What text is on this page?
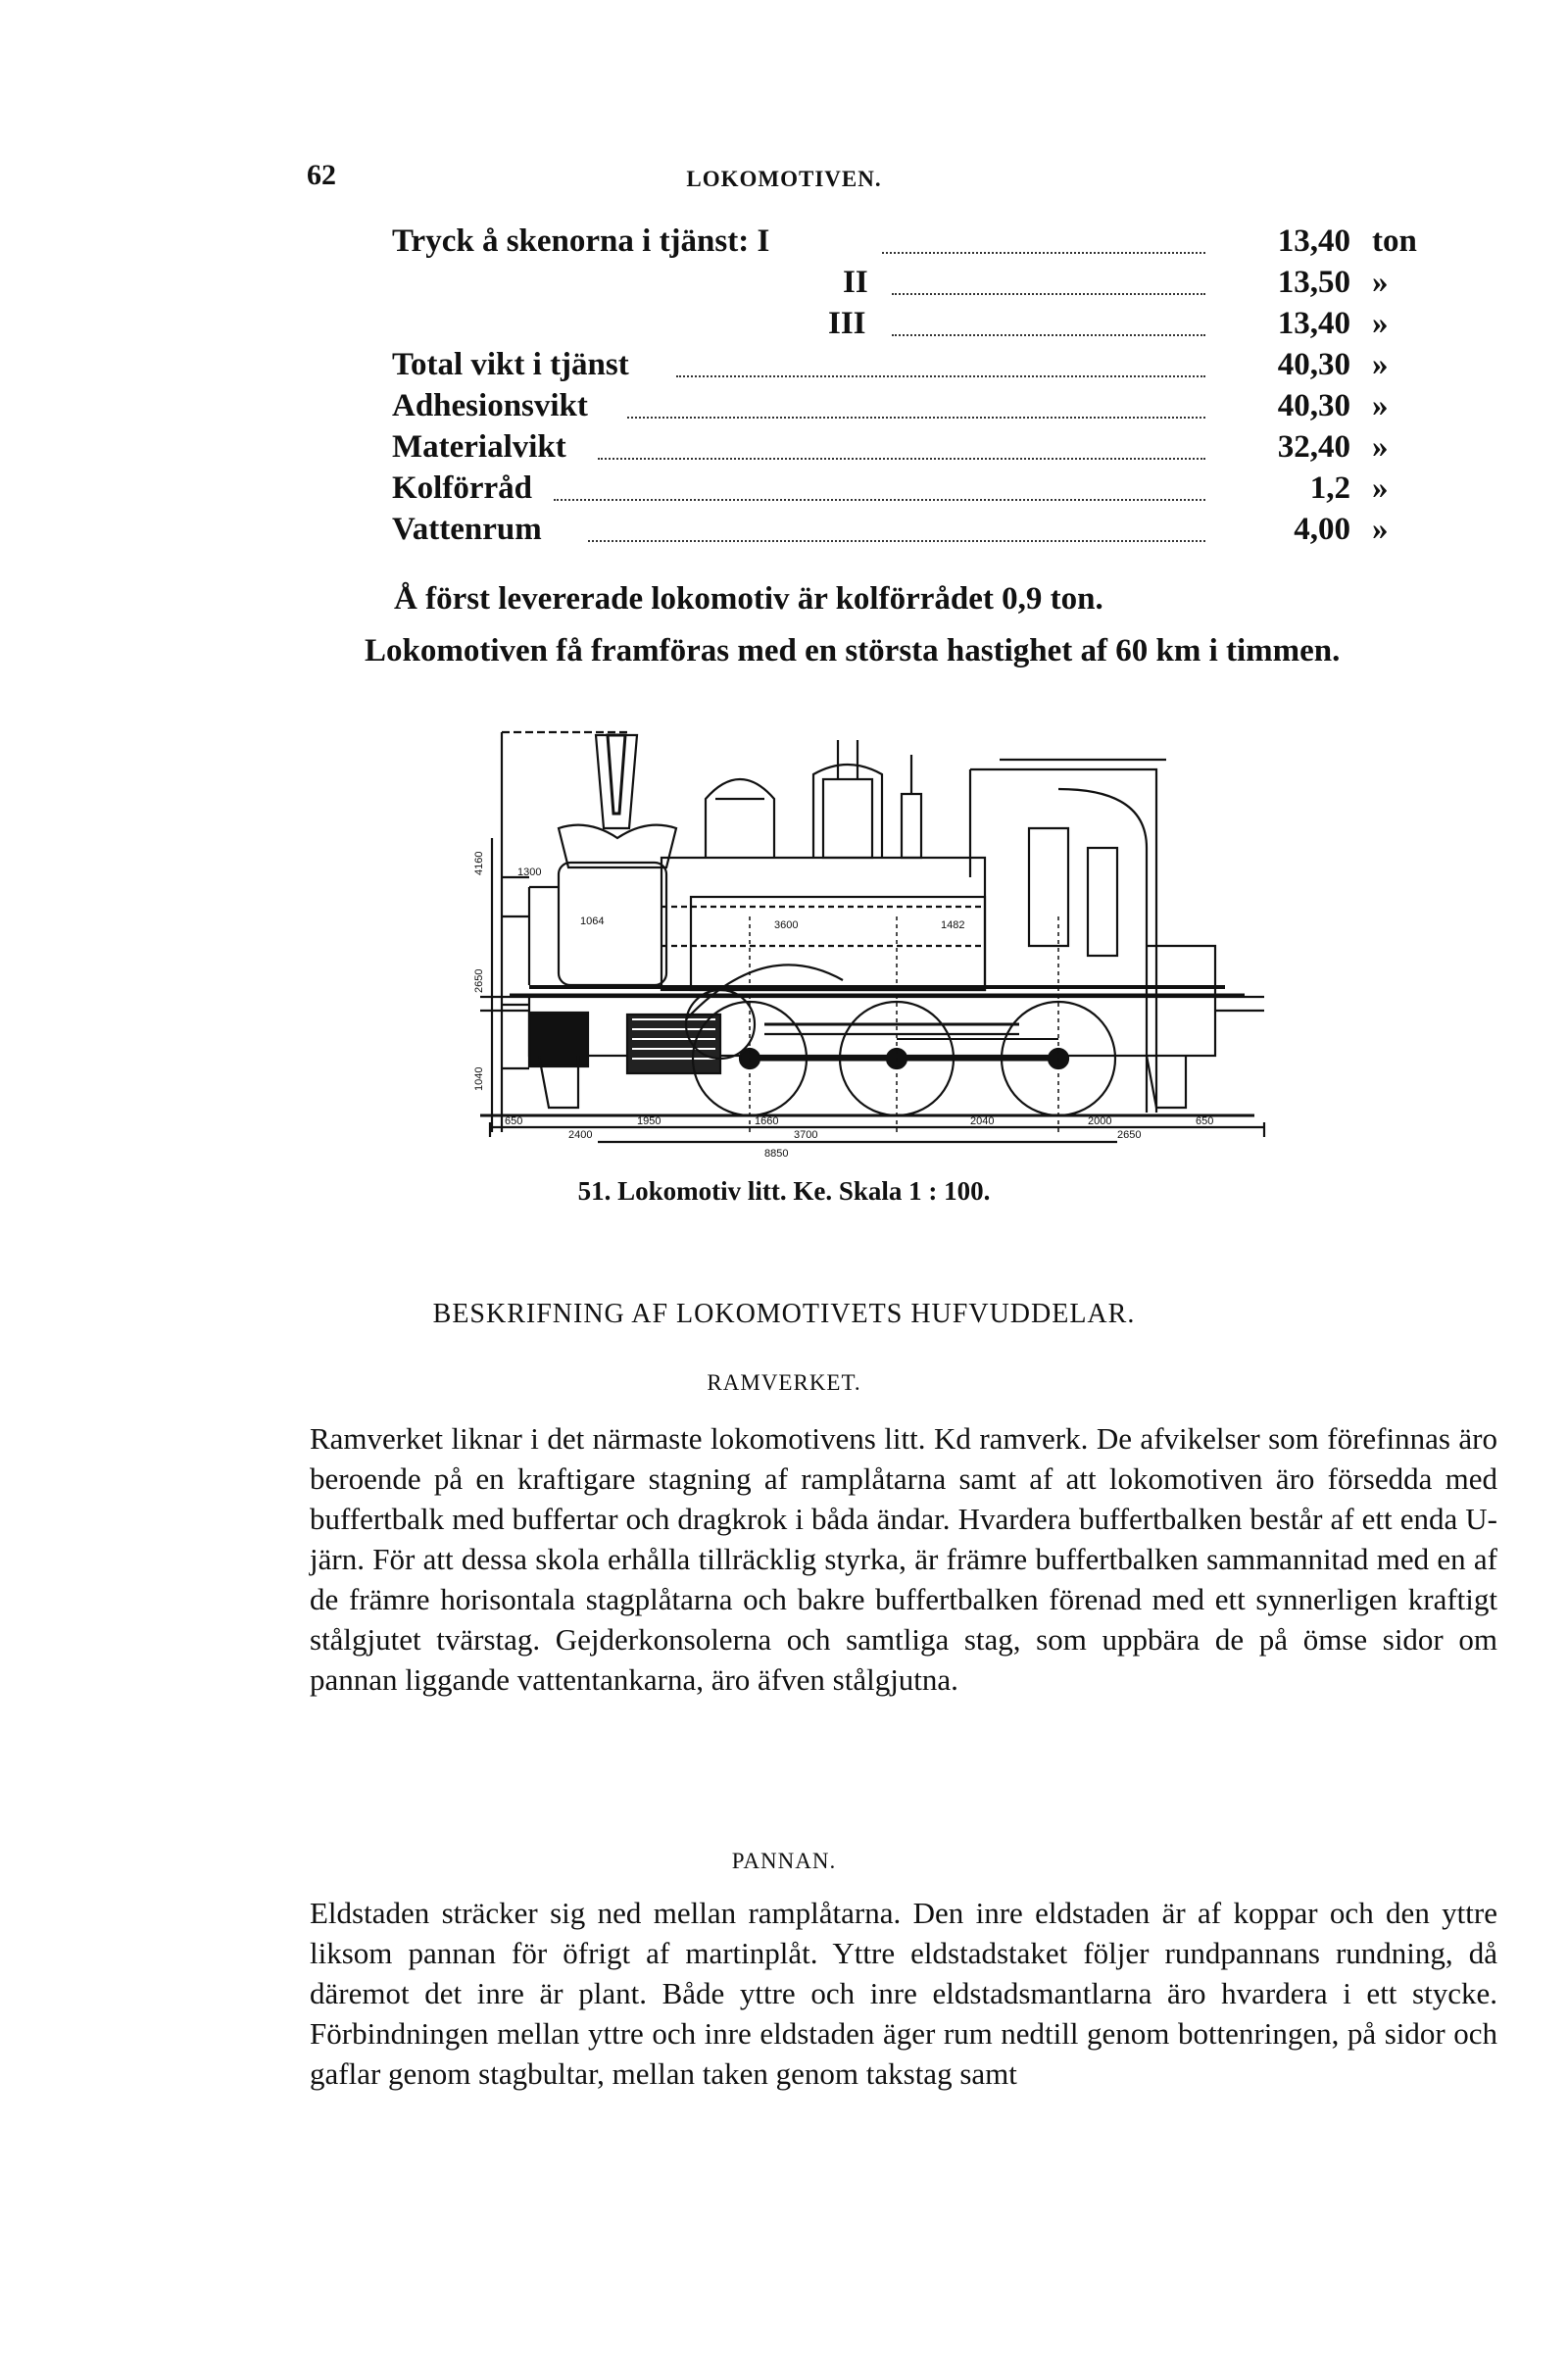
62	LOKOMOTIVEN.
Tryck å skenorna i tjänst: I	13,40 ton
II	13,50 »
III	13,40 »
Total vikt i tjänst	40,30 »
Adhesionsvikt	40,30 »
Materialvikt	32,40 »
Kolförråd	1,2 »
Vattenrum	4,00 »
Å först levererade lokomotiv är kolförrådet 0,9 ton.
Lokomotiven få framföras med en största hastighet af 60 km i timmen.
4160
2650
1300
1064	3600	1482
1040
650
2400
1950	1660
3700
2040	2000
2650
650
8850
51. Lokomotiv litt. Ke. Skala 1 : 100.
BESKRIFNING AF LOKOMOTIVETS HUFVUDDELAR.
RAMVERKET.
Ramverket liknar i det närmaste lokomotivens litt. Kd ramverk. De afvikelser som förefinnas äro beroende på en kraftigare stagning af ramplåtarna samt af att lokomotiven äro försedda med buffertbalk med buffertar och dragkrok i båda ändar. Hvardera buffertbalken består af ett enda U-järn. För att dessa skola erhålla tillräcklig styrka, är främre buffertbalken sammannitad med en af de främre horisontala stagplåtarna och bakre buffertbalken förenad med ett synnerligen kraftigt stålgjutet tvärstag. Gejderkonsolerna och samtliga stag, som uppbära de på ömse sidor om pannan liggande vattentankarna, äro äfven stålgjutna.
PANNAN.
Eldstaden sträcker sig ned mellan ramplåtarna. Den inre eldstaden är af koppar och den yttre liksom pannan för öfrigt af martinplåt. Yttre eldstadstaket följer rundpannans rundning, då däremot det inre är plant. Både yttre och inre eldstadsmantlarna äro hvardera i ett stycke. Förbindningen mellan yttre och inre eldstaden äger rum nedtill genom bottenringen, på sidor och gaflar genom stagbultar, mellan taken genom takstag samt
